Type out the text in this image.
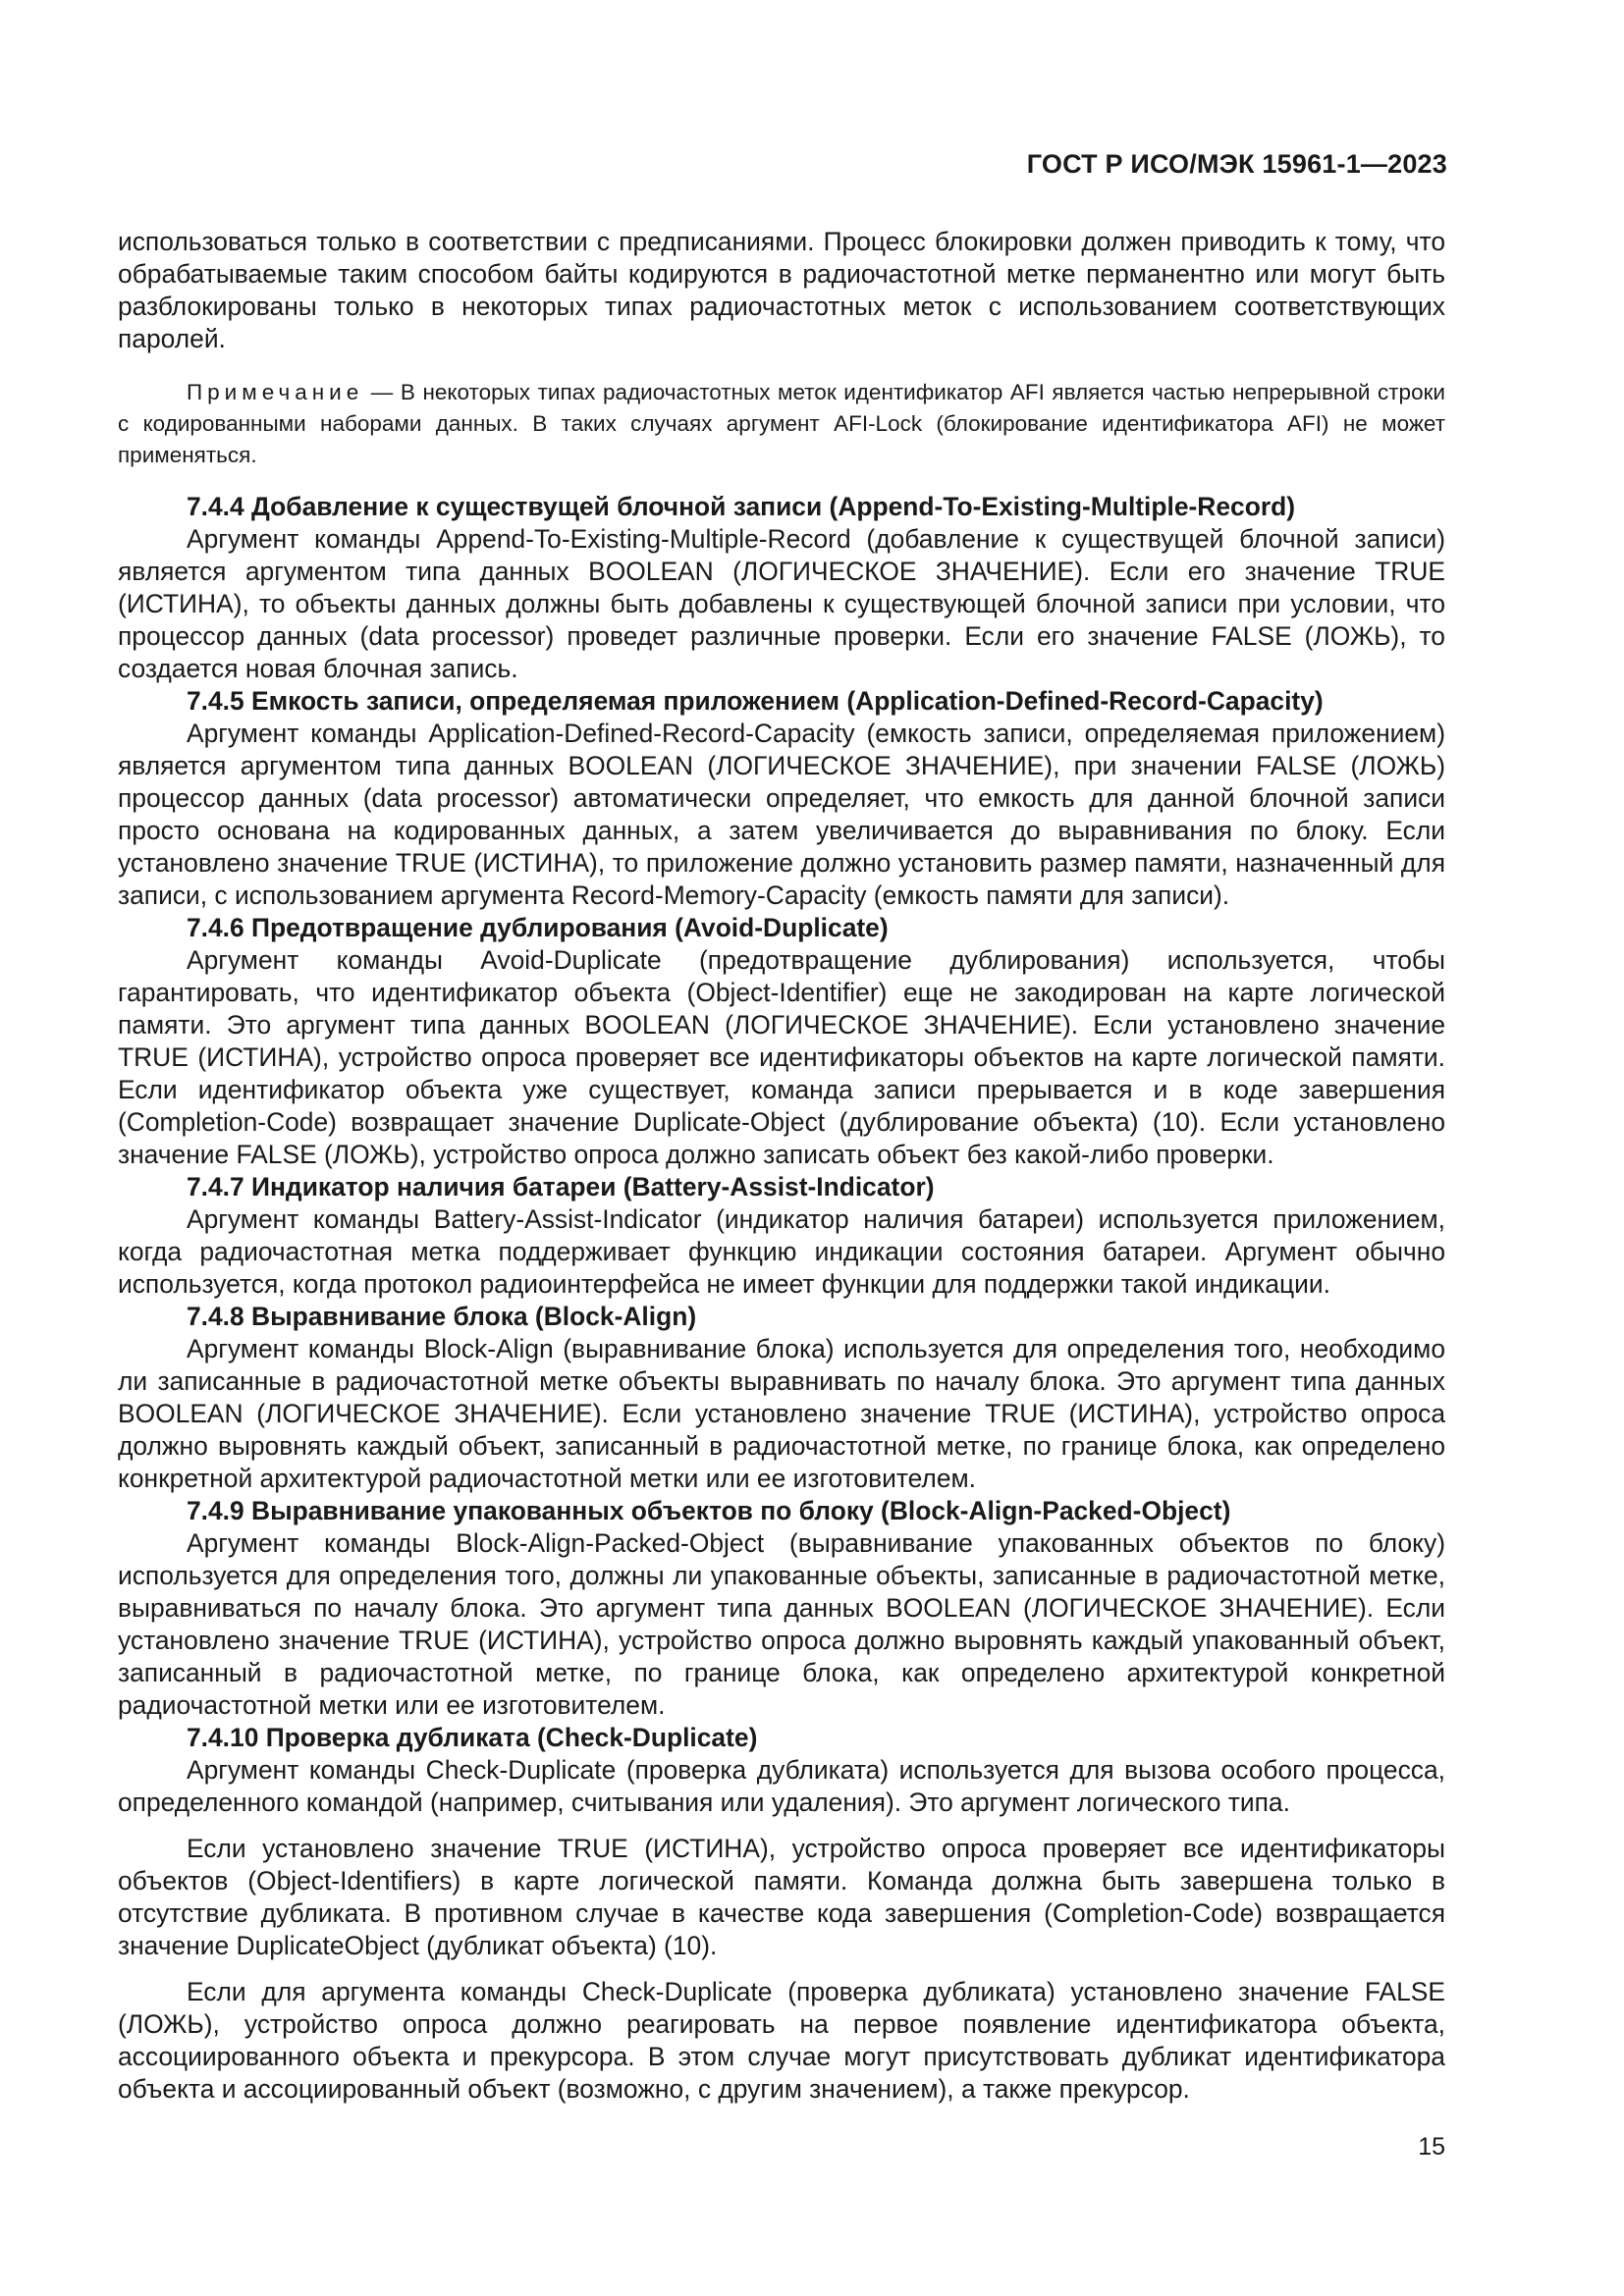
ГОСТ Р ИСО/МЭК 15961-1—2023

использоваться только в соответствии с предписаниями. Процесс блокировки должен приводить к тому, что обрабатываемые таким способом байты кодируются в радиочастотной метке перманентно или могут быть разблокированы только в некоторых типах радиочастотных меток с использованием соответствующих паролей.

Примечание — В некоторых типах радиочастотных меток идентификатор AFI является частью непрерывной строки с кодированными наборами данных. В таких случаях аргумент AFI-Lock (блокирование идентификатора AFI) не может применяться.
7.4.4 Добавление к существущей блочной записи (Append-To-Existing-Multiple-Record)

Аргумент команды Append-To-Existing-Multiple-Record (добавление к существущей блочной записи) является аргументом типа данных BOOLEAN (ЛОГИЧЕСКОЕ ЗНАЧЕНИЕ). Если его значение TRUE (ИСТИНА), то объекты данных должны быть добавлены к существующей блочной записи при условии, что процессор данных (data processor) проведет различные проверки. Если его значение FALSE (ЛОЖЬ), то создается новая блочная запись.

7.4.5 Емкость записи, определяемая приложением (Application-Defined-Record-Capacity)

Аргумент команды Application-Defined-Record-Capacity (емкость записи, определяемая приложением) является аргументом типа данных BOOLEAN (ЛОГИЧЕСКОЕ ЗНАЧЕНИЕ), при значении FALSE (ЛОЖЬ) процессор данных (data processor) автоматически определяет, что емкость для данной блочной записи просто основана на кодированных данных, а затем увеличивается до выравнивания по блоку. Если установлено значение TRUE (ИСТИНА), то приложение должно установить размер памяти, назначенный для записи, с использованием аргумента Record-Memory-Capacity (емкость памяти для записи).

7.4.6 Предотвращение дублирования (Avoid-Duplicate)

Аргумент команды Avoid-Duplicate (предотвращение дублирования) используется, чтобы гарантировать, что идентификатор объекта (Object-Identifier) еще не закодирован на карте логической памяти. Это аргумент типа данных BOOLEAN (ЛОГИЧЕСКОЕ ЗНАЧЕНИЕ). Если установлено значение TRUE (ИСТИНА), устройство опроса проверяет все идентификаторы объектов на карте логической памяти. Если идентификатор объекта уже существует, команда записи прерывается и в коде завершения (Completion-Code) возвращает значение Duplicate-Object (дублирование объекта) (10). Если установлено значение FALSE (ЛОЖЬ), устройство опроса должно записать объект без какой-либо проверки.

7.4.7 Индикатор наличия батареи (Battery-Assist-Indicator)

Аргумент команды Battery-Assist-Indicator (индикатор наличия батареи) используется приложением, когда радиочастотная метка поддерживает функцию индикации состояния батареи. Аргумент обычно используется, когда протокол радиоинтерфейса не имеет функции для поддержки такой индикации.

7.4.8 Выравнивание блока (Block-Align)

Аргумент команды Block-Align (выравнивание блока) используется для определения того, необходимо ли записанные в радиочастотной метке объекты выравнивать по началу блока. Это аргумент типа данных BOOLEAN (ЛОГИЧЕСКОЕ ЗНАЧЕНИЕ). Если установлено значение TRUE (ИСТИНА), устройство опроса должно выровнять каждый объект, записанный в радиочастотной метке, по границе блока, как определено конкретной архитектурой радиочастотной метки или ее изготовителем.

7.4.9 Выравнивание упакованных объектов по блоку (Block-Align-Packed-Object)

Аргумент команды Block-Align-Packed-Object (выравнивание упакованных объектов по блоку) используется для определения того, должны ли упакованные объекты, записанные в радиочастотной метке, выравниваться по началу блока. Это аргумент типа данных BOOLEAN (ЛОГИЧЕСКОЕ ЗНАЧЕНИЕ). Если установлено значение TRUE (ИСТИНА), устройство опроса должно выровнять каждый упакованный объект, записанный в радиочастотной метке, по границе блока, как определено архитектурой конкретной радиочастотной метки или ее изготовителем.

7.4.10 Проверка дубликата (Check-Duplicate)

Аргумент команды Check-Duplicate (проверка дубликата) используется для вызова особого процесса, определенного командой (например, считывания или удаления). Это аргумент логического типа.

Если установлено значение TRUE (ИСТИНА), устройство опроса проверяет все идентификаторы объектов (Object-Identifiers) в карте логической памяти. Команда должна быть завершена только в отсутствие дубликата. В противном случае в качестве кода завершения (Completion-Code) возвращается значение DuplicateObject (дубликат объекта) (10).

Если для аргумента команды Check-Duplicate (проверка дубликата) установлено значение FALSE (ЛОЖЬ), устройство опроса должно реагировать на первое появление идентификатора объекта, ассоциированного объекта и прекурсора. В этом случае могут присутствовать дубликат идентификатора объекта и ассоциированный объект (возможно, с другим значением), а также прекурсор.

15
